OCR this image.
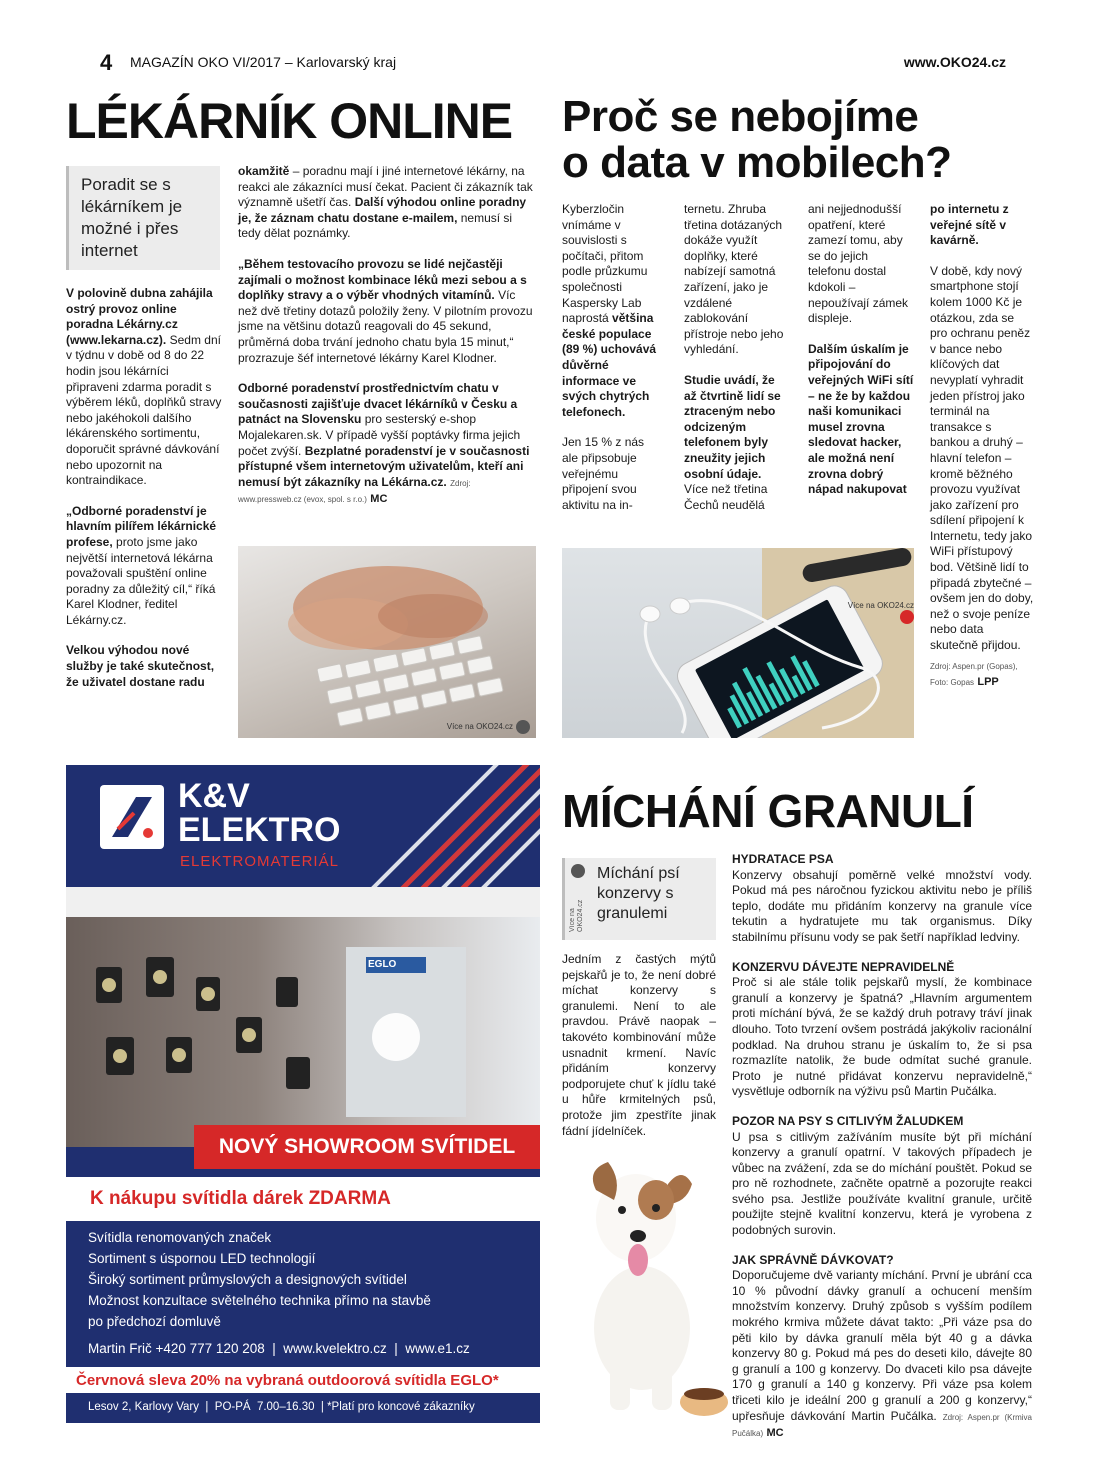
4 MAGAZÍN OKO VI/2017 – Karlovarský kraj	www.OKO24.cz
LÉKÁRNÍK ONLINE

Poradit se s lékárníkem je možné i přes internet

V polovině dubna zahájila ostrý provoz online poradna Lékárny.cz (www.lekarna.cz). Sedm dní v týdnu v době od 8 do 22 hodin jsou lékárníci připraveni zdarma poradit s výběrem léků, doplňků stravy nebo jakéhokoli dalšího lékárenského sortimentu, doporučit správné dávkování nebo upozornit na kontraindikace.

„Odborné poradenství je hlavním pilířem lékárnické profese, proto jsme jako největší internetová lékárna považovali spuštění online poradny za důležitý cíl,“ říká Karel Klodner, ředitel Lékárny.cz.

Velkou výhodou nové služby je také skutečnost, že uživatel dostane radu

okamžitě – poradnu mají i jiné internetové lékárny, na reakci ale zákazníci musí čekat. Pacient či zákazník tak významně ušetří čas. Další výhodou online poradny je, že záznam chatu dostane e-mailem, nemusí si tedy dělat poznámky.

„Během testovacího provozu se lidé nejčastěji zajímali o možnost kombinace léků mezi sebou a s doplňky stravy a o výběr vhodných vitamínů. Víc než dvě třetiny dotazů položily ženy. V pilotním provozu jsme na většinu dotazů reagovali do 45 sekund, průměrná doba trvání jednoho chatu byla 15 minut,“ prozrazuje šéf internetové lékárny Karel Klodner.

Odborné poradenství prostřednictvím chatu v současnosti zajišťuje dvacet lékárníků v Česku a patnáct na Slovensku pro sesterský e-shop Mojalekaren.sk. V případě vyšší poptávky firma jejich počet zvýší. Bezplatné poradenství je v současnosti přístupné všem internetovým uživatelům, kteří ani nemusí být zákazníky na Lékárna.cz. Zdroj: www.pressweb.cz (evox, spol. s r.o.) MC

Více na OKO24.cz
Proč se nebojíme
o data v mobilech?

Kyberzločin vnímáme v souvislosti s počítači, přitom podle průzkumu společnosti Kaspersky Lab naprostá většina české populace (89 %) uchovává důvěrné informace ve svých chytrých telefonech.

Jen 15 % z nás ale připsobuje veřejnému připojení svou aktivitu na in-

ternetu. Zhruba třetina dotázaných dokáže využít doplňky, které nabízejí samotná zařízení, jako je vzdálené zablokování přístroje nebo jeho vyhledání.

Studie uvádí, že až čtvrtině lidí se ztraceným nebo odcizeným telefonem byly zneužity jejich osobní údaje. Více než třetina Čechů neudělá

ani nejjednodušší opatření, které zamezí tomu, aby se do jejich telefonu dostal kdokoli – nepoužívají zámek displeje.

Dalším úskalím je připojování do veřejných WiFi sítí – ne že by každou naši komunikaci musel zrovna sledovat hacker, ale možná není zrovna dobrý nápad nakupovat

po internetu z veřejné sítě v kavárně.

V době, kdy nový smartphone stojí kolem 1000 Kč je otázkou, zda se pro ochranu peněz v bance nebo klíčových dat nevyplatí vyhradit jeden přístroj jako terminál na transakce s bankou a druhý – hlavní telefon – kromě běžného provozu využívat jako zařízení pro sdílení připojení k Internetu, tedy jako WiFi přístupový bod. Většině lidí to připadá zbytečné – ovšem jen do doby, než o svoje peníze nebo data skutečně přijdou.

Zdroj: Aspen.pr (Gopas), Foto: Gopas LPP

Více na OKO24.cz
K&V
ELEKTRO
ELEKTROMATERIÁL
EGLO
NOVÝ SHOWROOM SVÍTIDEL
K nákupu svítidla dárek ZDARMA

Svítidla renomovaných značek

Sortiment s úspornou LED technologií

Široký sortiment průmyslových a designových svítidel

Možnost konzultace světelného technika přímo na stavbě

po předchozí domluvě

Martin Frič +420 777 120 208  |  www.kvelektro.cz  |  www.e1.cz
Červnová sleva 20% na vybraná outdoorová svítidla EGLO*
Lesov 2, Karlovy Vary  |  PO-PÁ  7.00–16.30  | *Platí pro koncové zákazníky
MÍCHÁNÍ GRANULÍ
Více na OKO24.cz

Míchání psí konzervy s granulemi

Jedním z častých mýtů pejskařů je to, že není dobré míchat konzervy s granulemi. Není to ale pravdou. Právě naopak – takovéto kombinování může usnadnit krmení. Navíc přidáním konzervy podporujete chuť k jídlu také u hůře krmitelných psů, protože jim zpestříte jinak fádní jídelníček.

HYDRATACE PSA

Konzervy obsahují poměrně velké množství vody. Pokud má pes náročnou fyzickou aktivitu nebo je příliš teplo, dodáte mu přidáním konzervy na granule více tekutin a hydratujete mu tak organismus. Díky stabilnímu přísunu vody se pak šetří například ledviny.

KONZERVU DÁVEJTE NEPRAVIDELNĚ

Proč si ale stále tolik pejskařů myslí, že kombinace granulí a konzervy je špatná? „Hlavním argumentem proti míchání bývá, že se každý druh potravy tráví jinak dlouho. Toto tvrzení ovšem postrádá jakýkoliv racionální podklad. Na druhou stranu je úskalím to, že si psa rozmazlíte natolik, že bude odmítat suché granule. Proto je nutné přidávat konzervu nepravidelně,“ vysvětluje odborník na výživu psů Martin Pučálka.

POZOR NA PSY S CITLIVÝM ŽALUDKEM

U psa s citlivým zažíváním musíte být při míchání konzervy a granulí opatrní. V takových případech je vůbec na zvážení, zda se do míchání pouštět. Pokud se pro ně rozhodnete, začněte opatrně a pozorujte reakci svého psa. Jestliže používáte kvalitní granule, určitě použijte stejně kvalitní konzervu, která je vyrobena z podobných surovin.

JAK SPRÁVNĚ DÁVKOVAT?

Doporučujeme dvě varianty míchání. První je ubrání cca 10 % původní dávky granulí a ochucení menším množstvím konzervy. Druhý způsob s vyšším podílem mokrého krmiva můžete dávat takto: „Při váze psa do pěti kilo by dávka granulí měla být 40 g a dávka konzervy 80 g. Pokud má pes do deseti kilo, dávejte 80 g granulí a 100 g konzervy. Do dvaceti kilo psa dávejte 170 g granulí a 140 g konzervy. Při váze psa kolem třiceti kilo je ideální 200 g granulí a 200 g konzervy,“ upřesňuje dávkování Martin Pučálka. Zdroj: Aspen.pr (Krmiva Pučálka) MC
